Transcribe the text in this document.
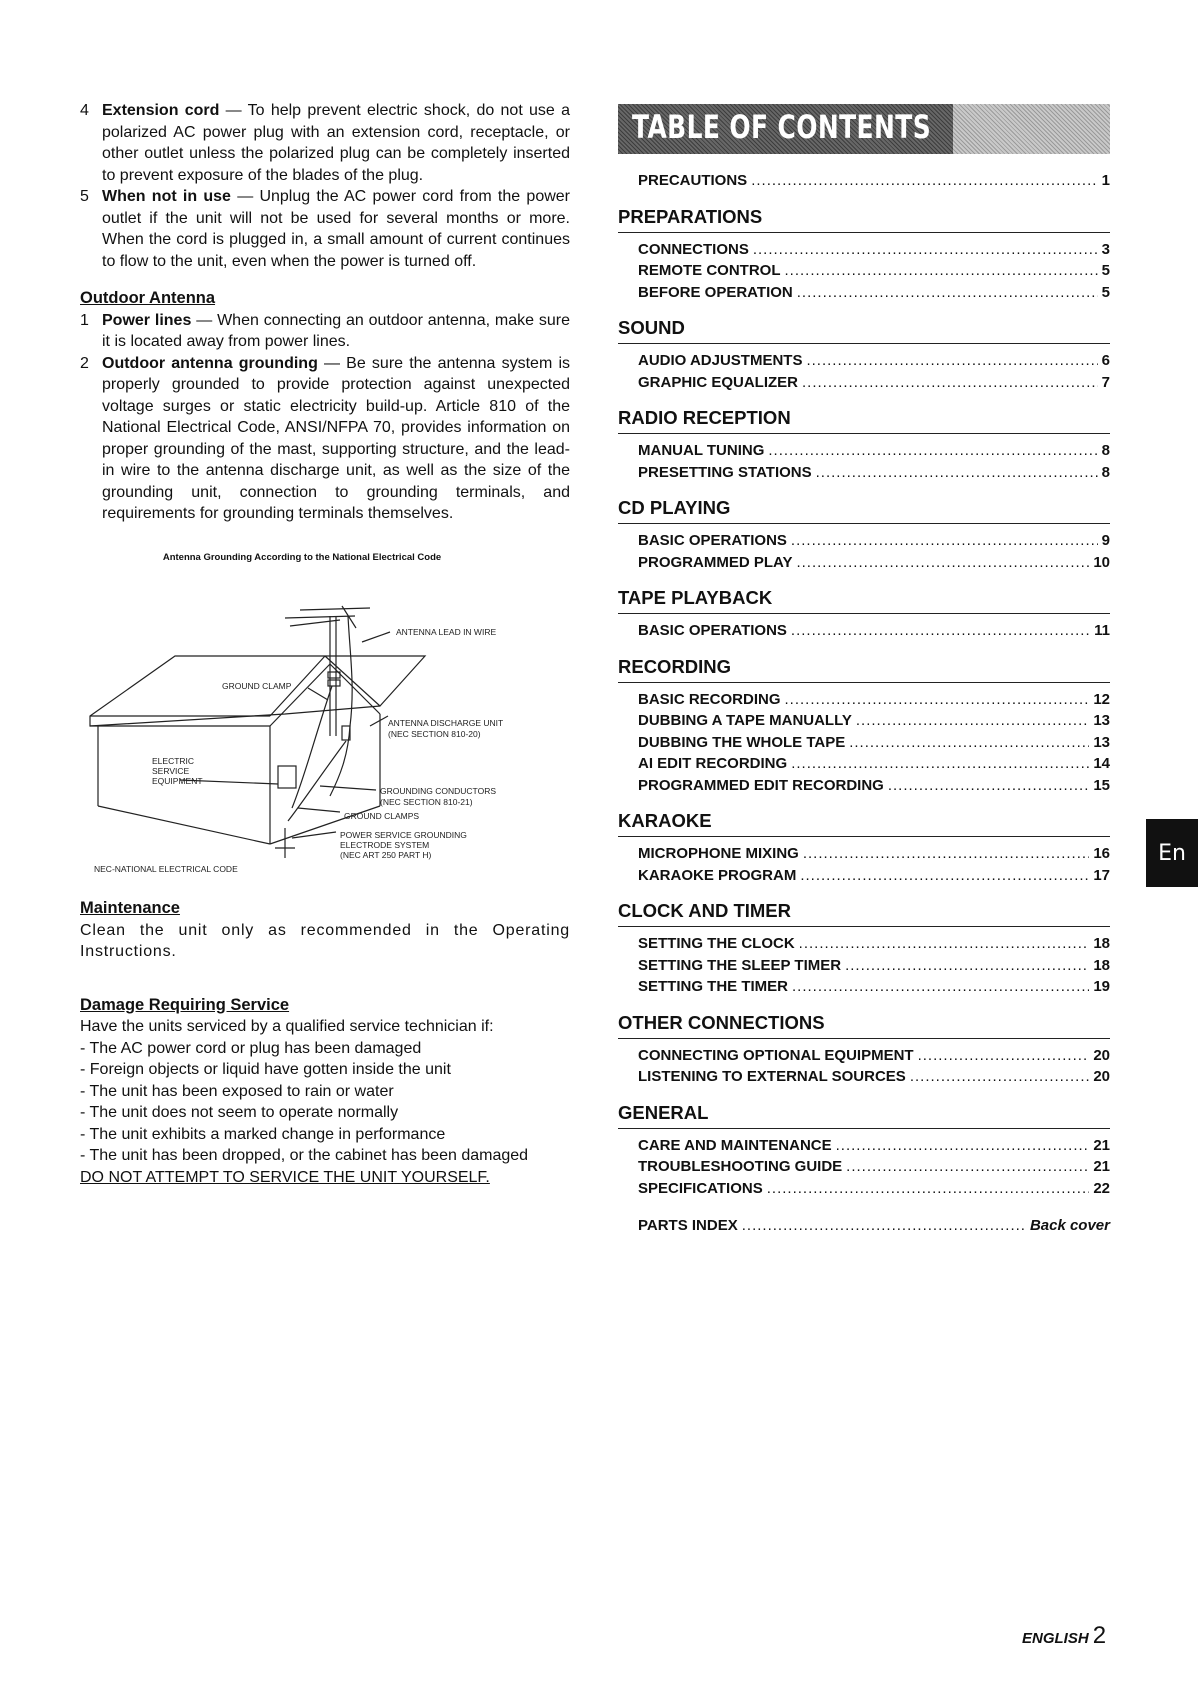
4 Extension cord — To help prevent electric shock, do not use a polarized AC power plug with an extension cord, receptacle, or other outlet unless the polarized plug can be completely inserted to prevent exposure of the blades of the plug.
5 When not in use — Unplug the AC power cord from the power outlet if the unit will not be used for several months or more. When the cord is plugged in, a small amount of current continues to flow to the unit, even when the power is turned off.
Outdoor Antenna
1 Power lines — When connecting an outdoor antenna, make sure it is located away from power lines.
2 Outdoor antenna grounding — Be sure the antenna system is properly grounded to provide protection against unexpected voltage surges or static electricity build-up. Article 810 of the National Electrical Code, ANSI/NFPA 70, provides information on proper grounding of the mast, supporting structure, and the lead-in wire to the antenna discharge unit, as well as the size of the grounding unit, connection to grounding terminals, and requirements for grounding terminals themselves.
Antenna Grounding According to the National Electrical Code
ANTENNA LEAD IN WIRE
GROUND CLAMP
ANTENNA DISCHARGE UNIT
(NEC SECTION 810-20)
ELECTRIC
SERVICE
EQUIPMENT
GROUNDING CONDUCTORS
(NEC SECTION 810-21)
GROUND CLAMPS
POWER SERVICE GROUNDING
ELECTRODE SYSTEM
(NEC ART 250 PART H)
NEC-NATIONAL ELECTRICAL CODE
Maintenance
Clean the unit only as recommended in the Operating Instructions.
Damage Requiring Service
Have the units serviced by a qualified service technician if:
- The AC power cord or plug has been damaged
- Foreign objects or liquid have gotten inside the unit
- The unit has been exposed to rain or water
- The unit does not seem to operate normally
- The unit exhibits a marked change in performance
- The unit has been dropped, or the cabinet has been damaged
DO NOT ATTEMPT TO SERVICE THE UNIT YOURSELF.
TABLE OF CONTENTS
PRECAUTIONS .....	1
PREPARATIONS
CONNECTIONS .....	3
REMOTE CONTROL .....	5
BEFORE OPERATION .....	5
SOUND
AUDIO ADJUSTMENTS .....	6
GRAPHIC EQUALIZER .....	7
RADIO RECEPTION
MANUAL TUNING .....	8
PRESETTING STATIONS .....	8
CD PLAYING
BASIC OPERATIONS .....	9
PROGRAMMED PLAY .....	10
TAPE PLAYBACK
BASIC OPERATIONS .....	11
RECORDING
BASIC RECORDING .....	12
DUBBING A TAPE MANUALLY .....	13
DUBBING THE WHOLE TAPE .....	13
AI EDIT RECORDING .....	14
PROGRAMMED EDIT RECORDING .....	15
KARAOKE
MICROPHONE MIXING .....	16
KARAOKE PROGRAM .....	17
CLOCK AND TIMER
SETTING THE CLOCK .....	18
SETTING THE SLEEP TIMER .....	18
SETTING THE TIMER .....	19
OTHER CONNECTIONS
CONNECTING OPTIONAL EQUIPMENT .....	20
LISTENING TO EXTERNAL SOURCES .....	20
GENERAL
CARE AND MAINTENANCE .....	21
TROUBLESHOOTING GUIDE .....	21
SPECIFICATIONS .....	22
PARTS INDEX .....	Back cover
En
ENGLISH 2
